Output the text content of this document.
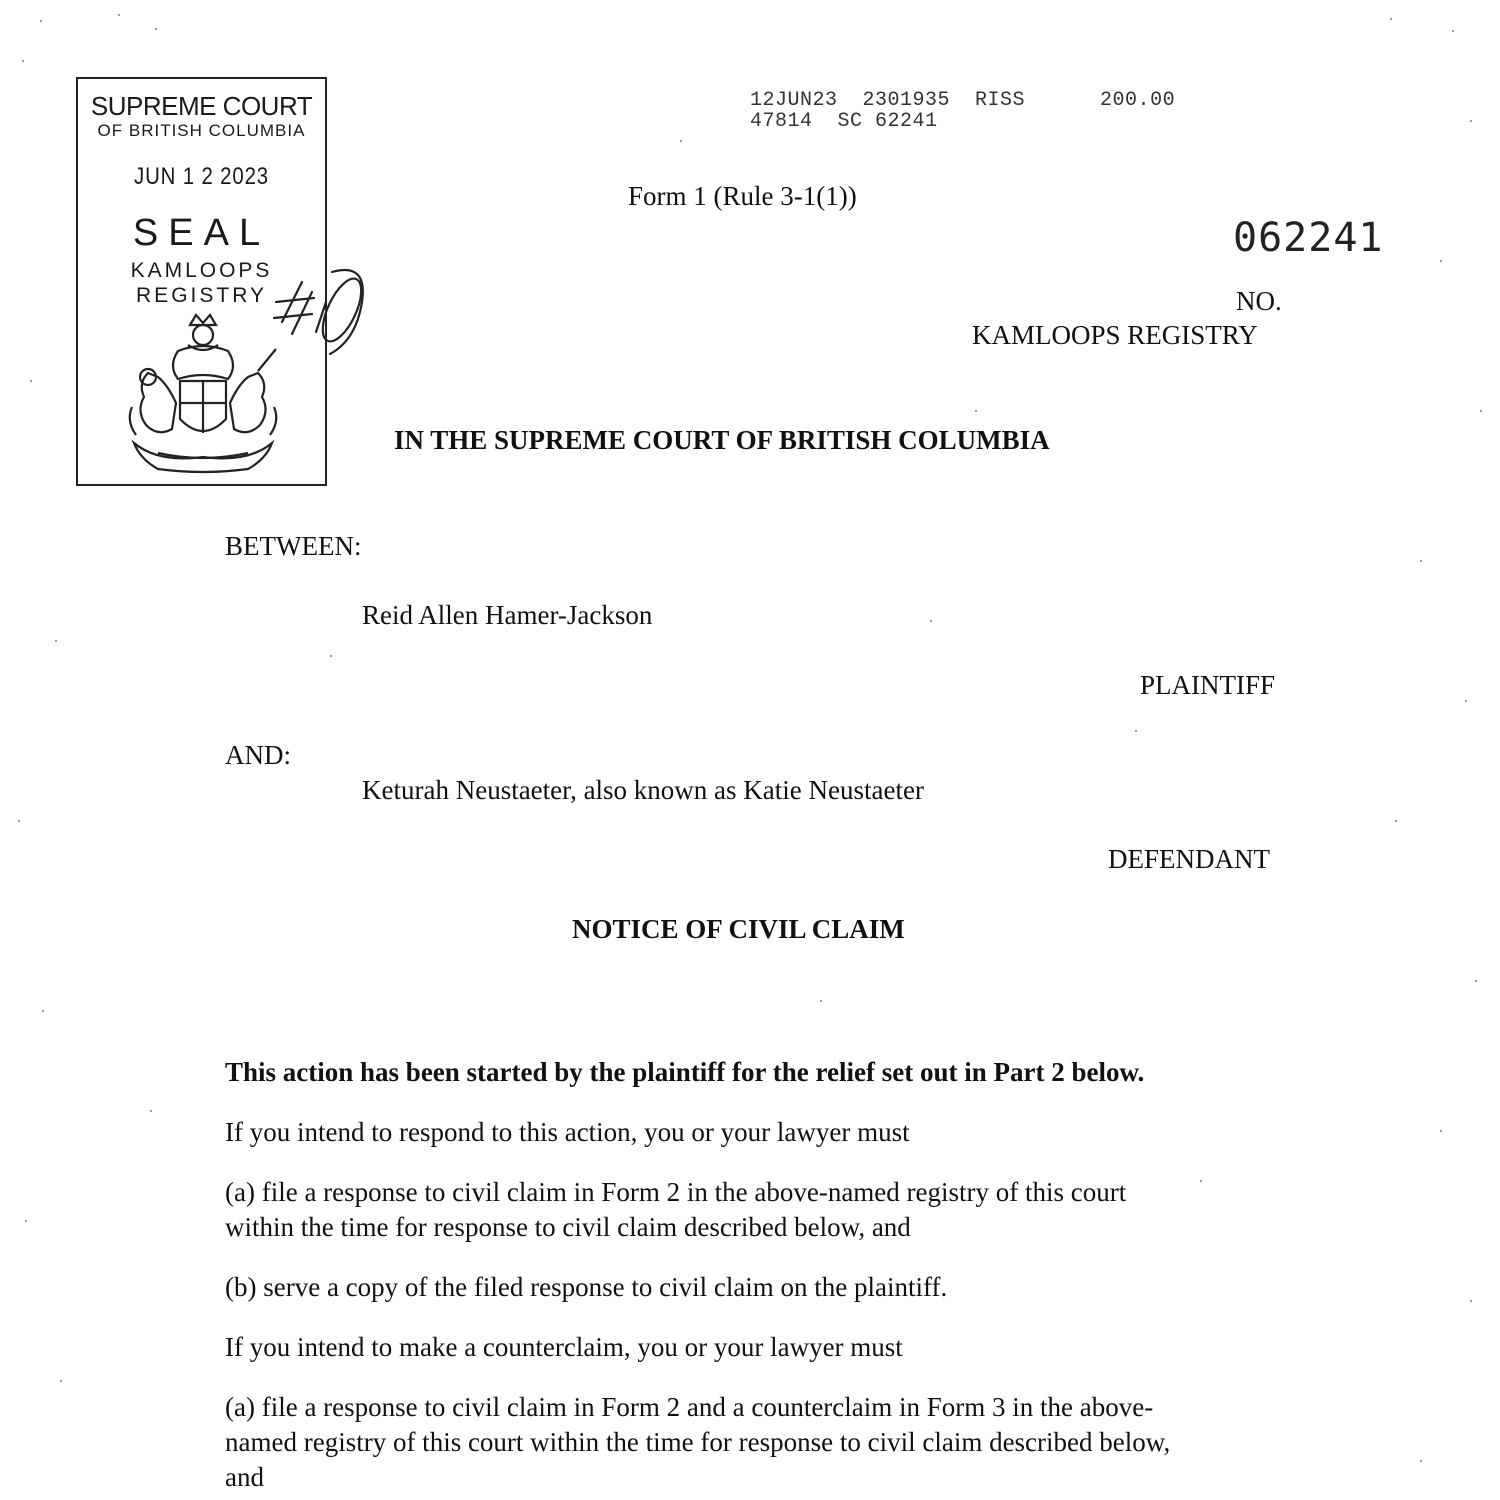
SUPREME COURT
OF BRITISH COLUMBIA
JUN 1 2 2023
SEAL
KAMLOOPS
REGISTRY
12JUN23  2301935  RISS      200.00
47814  SC 62241
Form 1 (Rule 3-1(1))
062241
NO.
KAMLOOPS REGISTRY
IN THE SUPREME COURT OF BRITISH COLUMBIA
BETWEEN:
Reid Allen Hamer-Jackson
PLAINTIFF
AND:
Keturah Neustaeter, also known as Katie Neustaeter
DEFENDANT
NOTICE OF CIVIL CLAIM
This action has been started by the plaintiff for the relief set out in Part 2 below.
If you intend to respond to this action, you or your lawyer must
(a) file a response to civil claim in Form 2 in the above-named registry of this court
within the time for response to civil claim described below, and
(b) serve a copy of the filed response to civil claim on the plaintiff.
If you intend to make a counterclaim, you or your lawyer must
(a) file a response to civil claim in Form 2 and a counterclaim in Form 3 in the above-
named registry of this court within the time for response to civil claim described below,
and
